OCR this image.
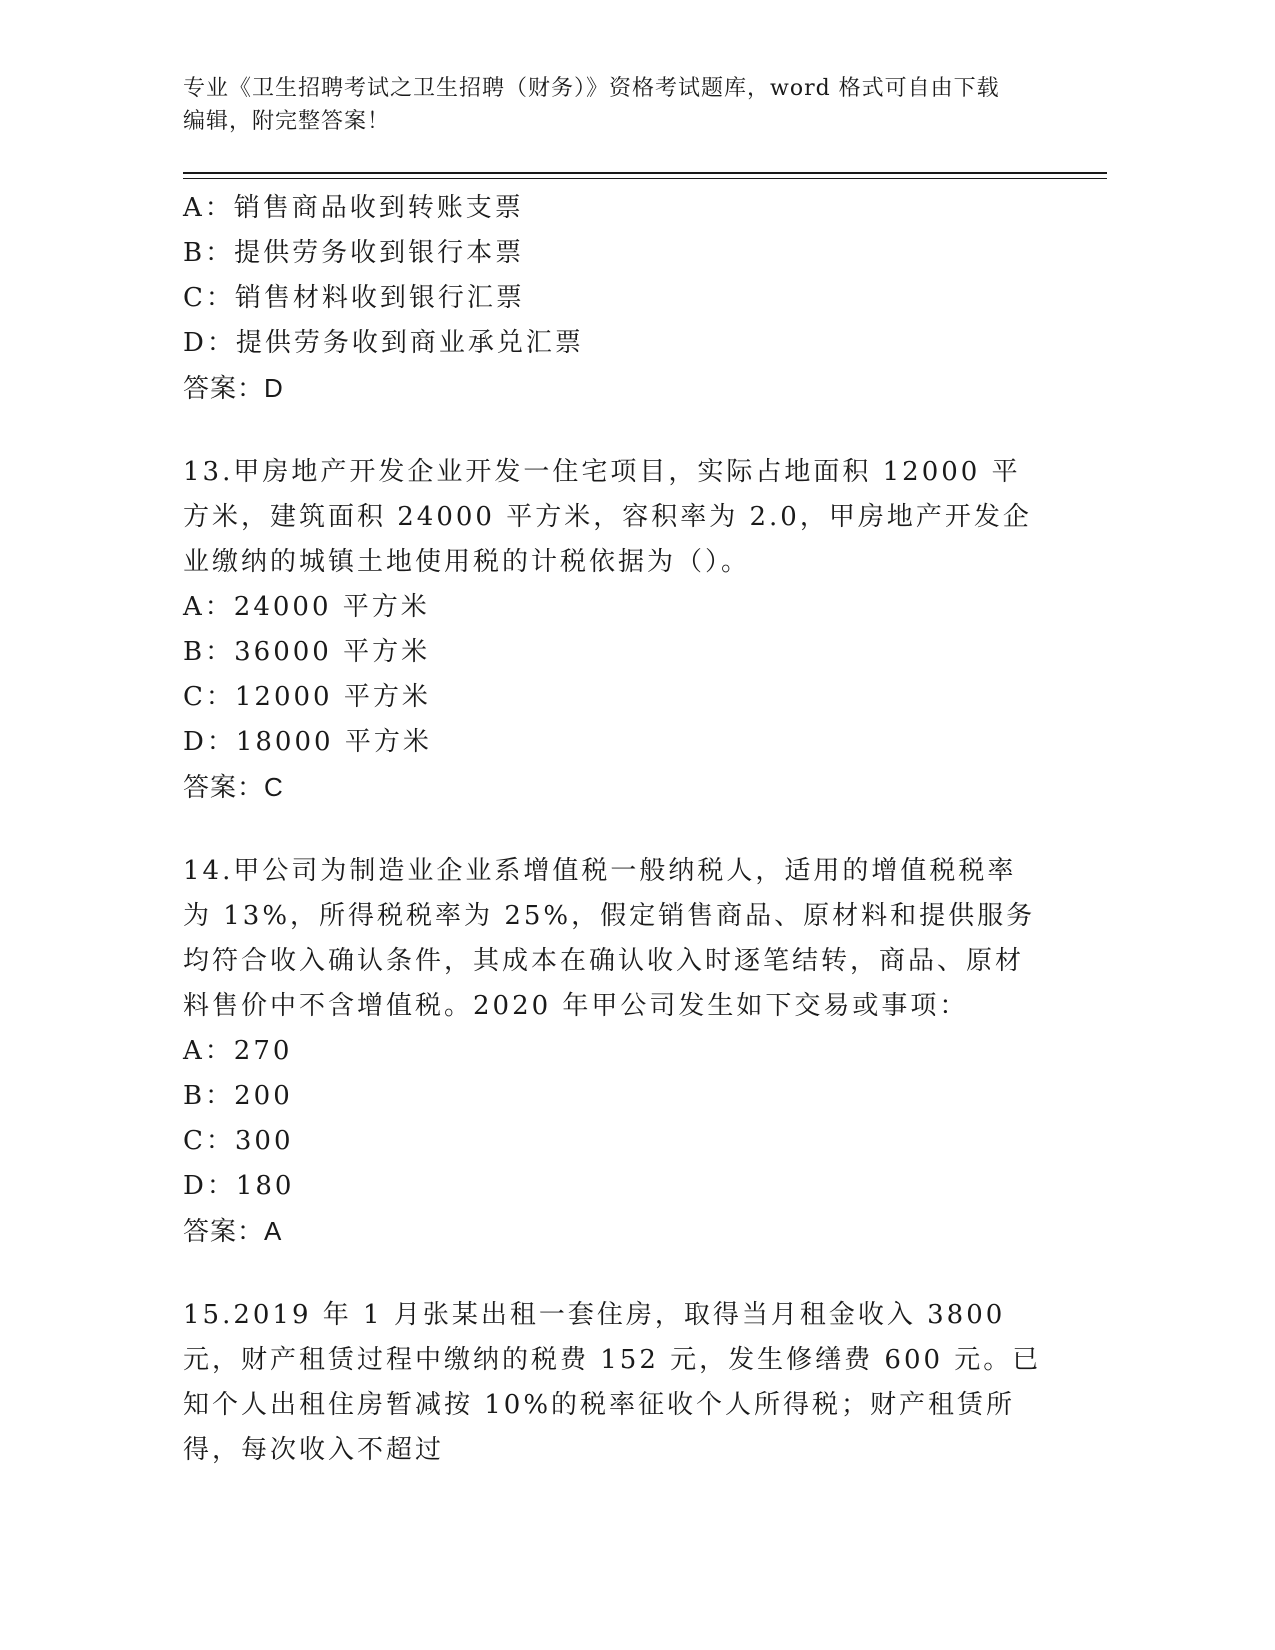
专业《卫生招聘考试之卫生招聘（财务）》资格考试题库，word 格式可自由下载
编辑，附完整答案！
A：销售商品收到转账支票
B：提供劳务收到银行本票
C：销售材料收到银行汇票
D：提供劳务收到商业承兑汇票
答案：D
13.甲房地产开发企业开发一住宅项目，实际占地面积 12000 平方米，建筑面积 24000 平方米，容积率为 2.0，甲房地产开发企业缴纳的城镇土地使用税的计税依据为（）。
A：24000 平方米
B：36000 平方米
C：12000 平方米
D：18000 平方米
答案：C
14.甲公司为制造业企业系增值税一般纳税人，适用的增值税税率为 13%，所得税税率为 25%，假定销售商品、原材料和提供服务均符合收入确认条件，其成本在确认收入时逐笔结转，商品、原材料售价中不含增值税。2020 年甲公司发生如下交易或事项：
A：270
B：200
C：300
D：180
答案：A
15.2019 年 1 月张某出租一套住房，取得当月租金收入 3800 元，财产租赁过程中缴纳的税费 152 元，发生修缮费 600 元。已知个人出租住房暂减按 10%的税率征收个人所得税；财产租赁所得，每次收入不超过
